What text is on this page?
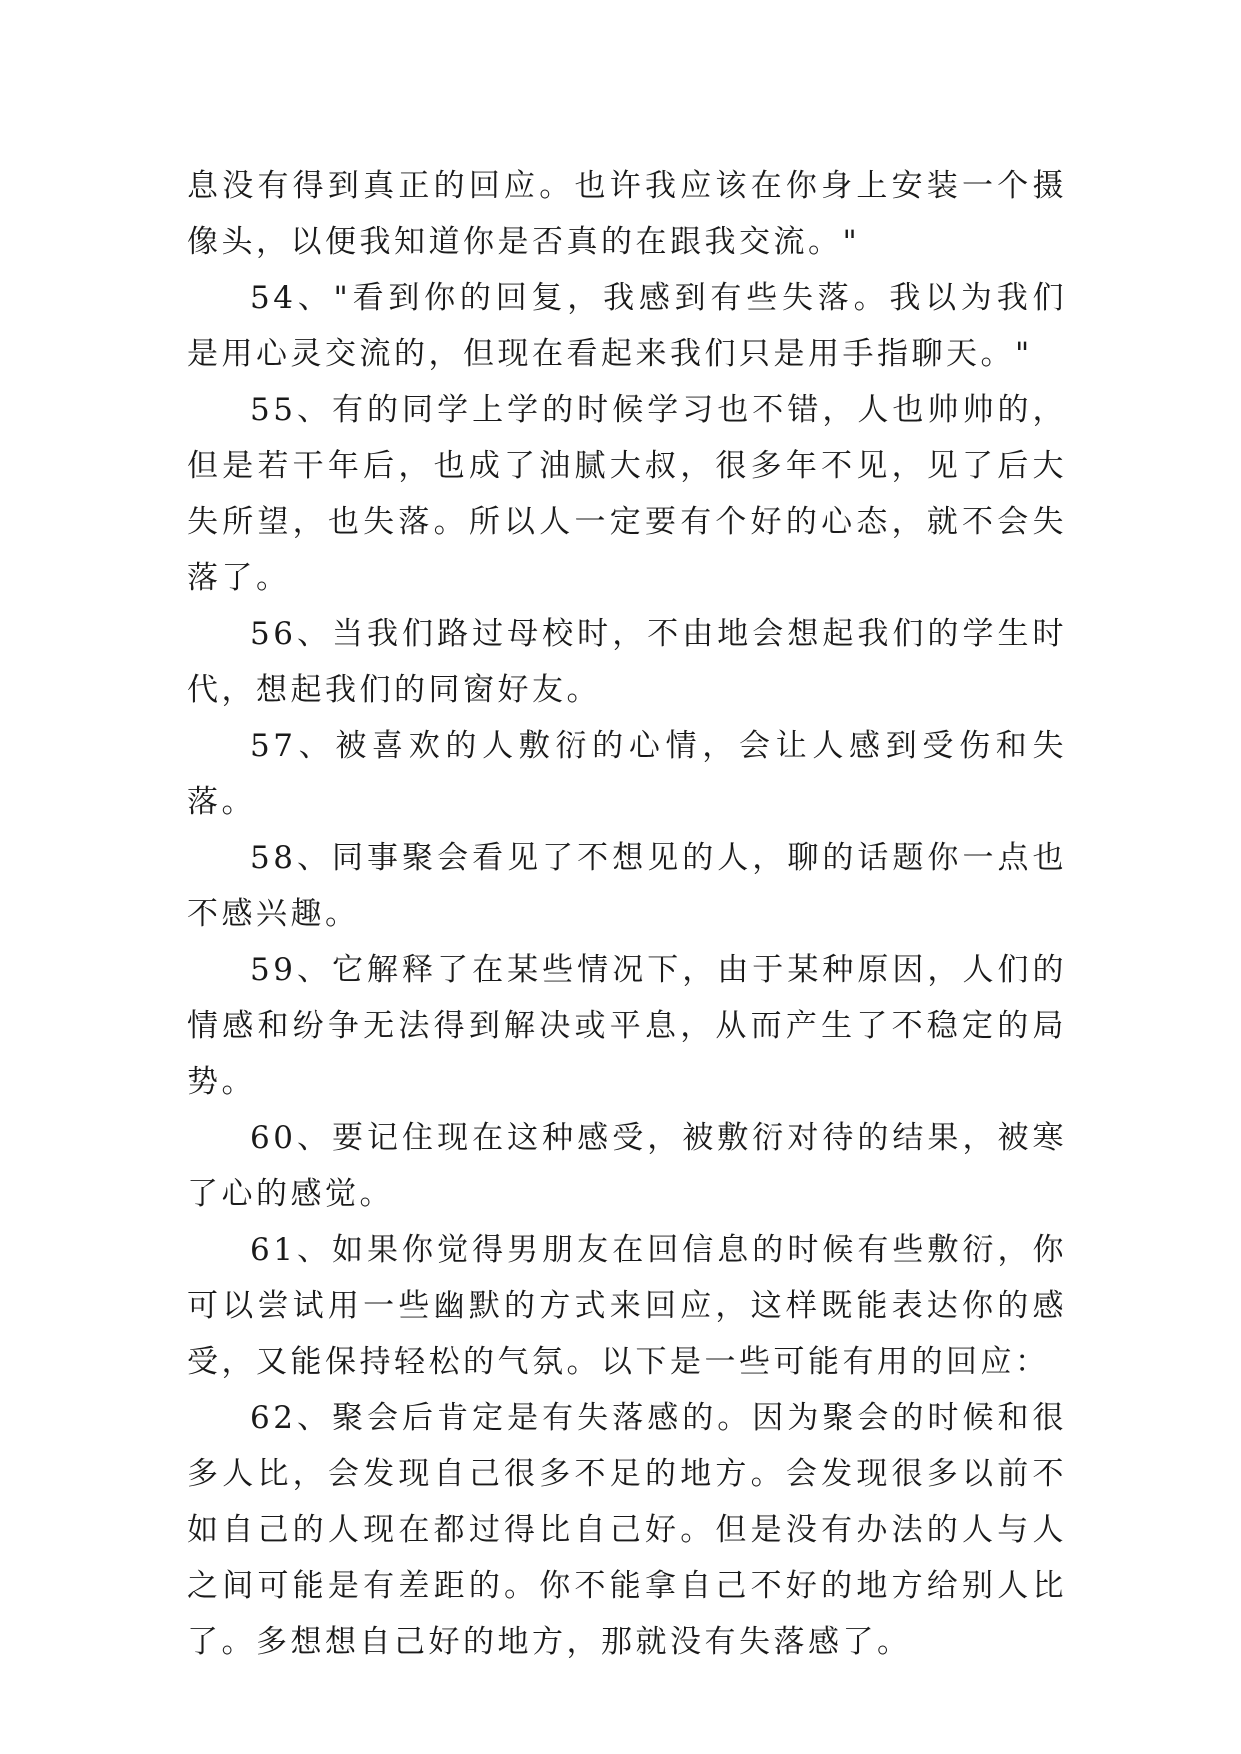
息没有得到真正的回应。也许我应该在你身上安装一个摄像头，以便我知道你是否真的在跟我交流。"

54、"看到你的回复，我感到有些失落。我以为我们是用心灵交流的，但现在看起来我们只是用手指聊天。"

55、有的同学上学的时候学习也不错，人也帅帅的，但是若干年后，也成了油腻大叔，很多年不见，见了后大失所望，也失落。所以人一定要有个好的心态，就不会失落了。

56、当我们路过母校时，不由地会想起我们的学生时代，想起我们的同窗好友。

57、被喜欢的人敷衍的心情，会让人感到受伤和失落。

58、同事聚会看见了不想见的人，聊的话题你一点也不感兴趣。

59、它解释了在某些情况下，由于某种原因，人们的情感和纷争无法得到解决或平息，从而产生了不稳定的局势。

60、要记住现在这种感受，被敷衍对待的结果，被寒了心的感觉。

61、如果你觉得男朋友在回信息的时候有些敷衍，你可以尝试用一些幽默的方式来回应，这样既能表达你的感受，又能保持轻松的气氛。以下是一些可能有用的回应：

62、聚会后肯定是有失落感的。因为聚会的时候和很多人比，会发现自己很多不足的地方。会发现很多以前不如自己的人现在都过得比自己好。但是没有办法的人与人之间可能是有差距的。你不能拿自己不好的地方给别人比了。多想想自己好的地方，那就没有失落感了。
